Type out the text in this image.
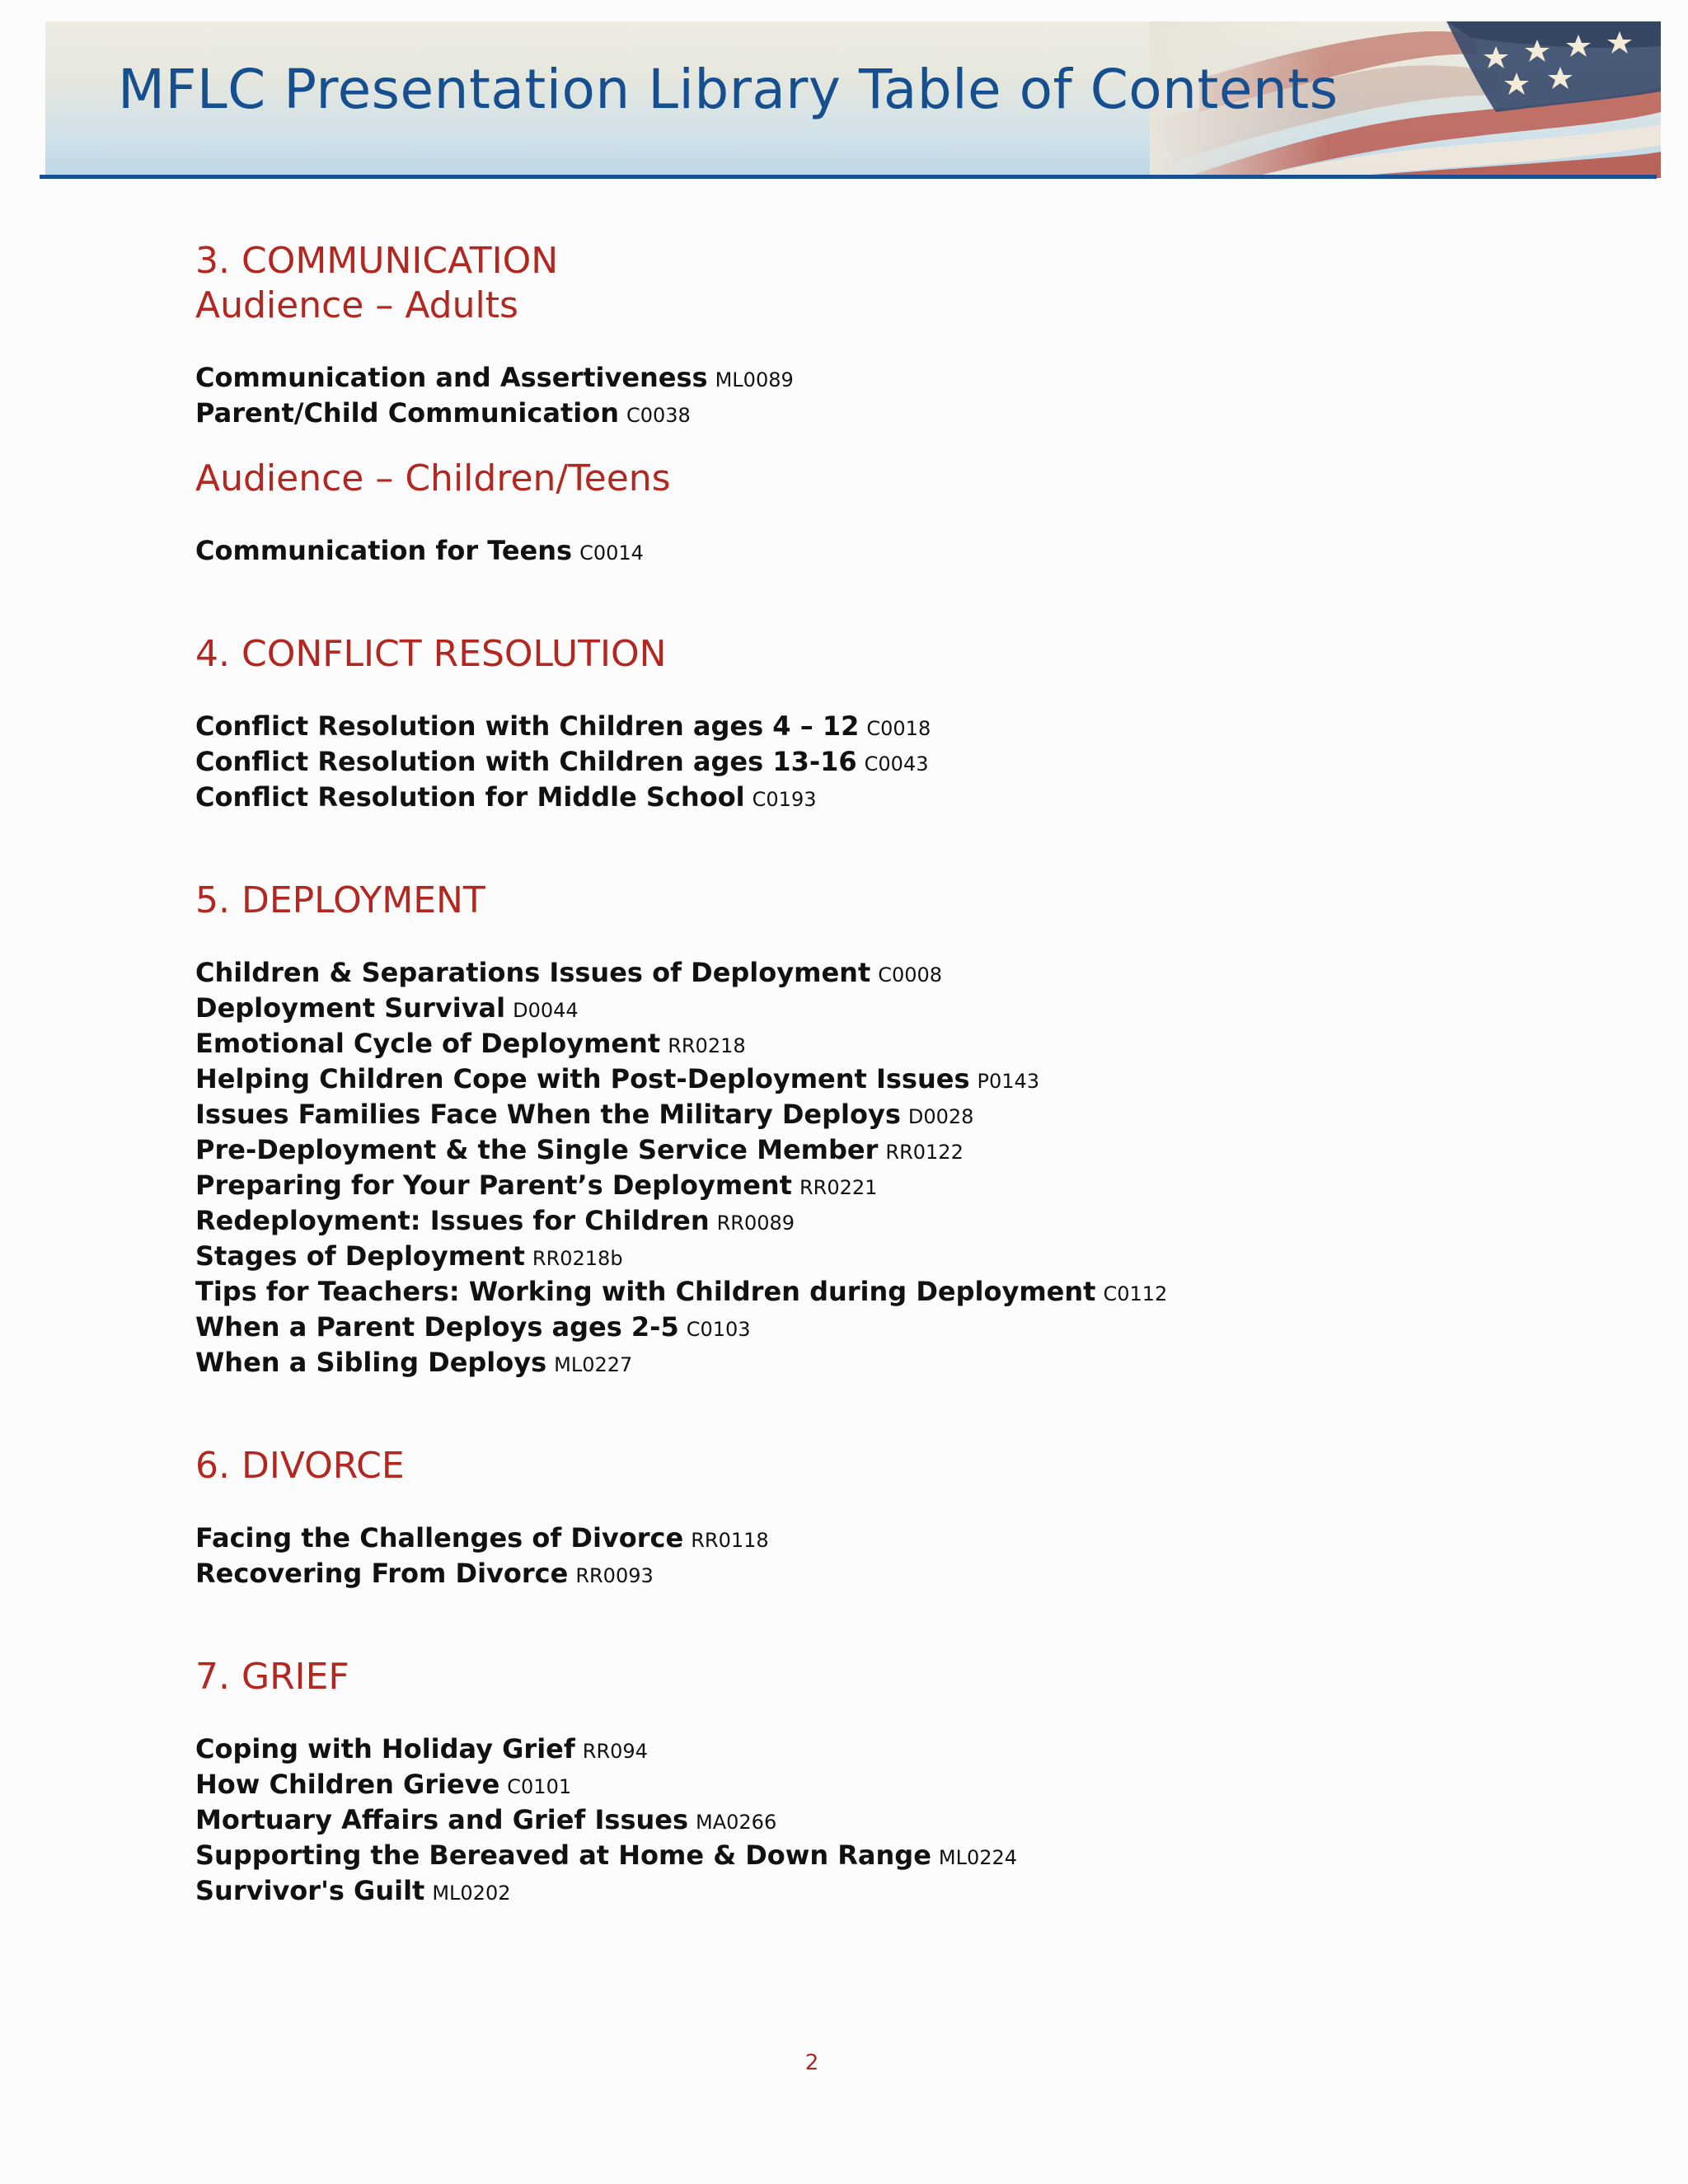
MFLC Presentation Library Table of Contents
3. COMMUNICATION
Audience – Adults
Communication and Assertiveness ML0089
Parent/Child Communication C0038
Audience – Children/Teens
Communication for Teens C0014
4. CONFLICT RESOLUTION
Conflict Resolution with Children ages 4 – 12 C0018
Conflict Resolution with Children ages 13-16 C0043
Conflict Resolution for Middle School C0193
5. DEPLOYMENT
Children & Separations Issues of Deployment C0008
Deployment Survival D0044
Emotional Cycle of Deployment RR0218
Helping Children Cope with Post-Deployment Issues P0143
Issues Families Face When the Military Deploys D0028
Pre-Deployment & the Single Service Member RR0122
Preparing for Your Parent’s Deployment RR0221
Redeployment: Issues for Children RR0089
Stages of Deployment RR0218b
Tips for Teachers: Working with Children during Deployment C0112
When a Parent Deploys ages 2-5 C0103
When a Sibling Deploys ML0227
6. DIVORCE
Facing the Challenges of Divorce RR0118
Recovering From Divorce RR0093
7. GRIEF
Coping with Holiday Grief RR094
How Children Grieve C0101
Mortuary Affairs and Grief Issues MA0266
Supporting the Bereaved at Home & Down Range ML0224
Survivor's Guilt ML0202
2
